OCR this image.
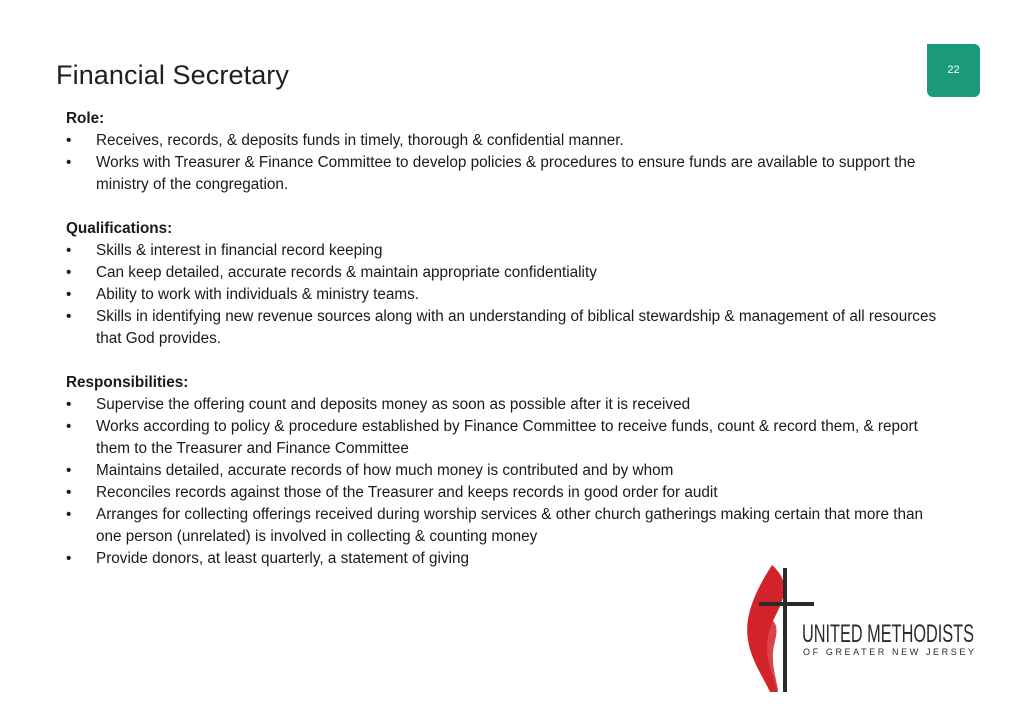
22
Financial Secretary
Role:
• Receives, records, & deposits funds in timely, thorough & confidential manner.
• Works with Treasurer & Finance Committee to develop policies & procedures to ensure funds are available to support the ministry of the congregation.
Qualifications:
• Skills & interest in financial record keeping
• Can keep detailed, accurate records & maintain appropriate confidentiality
• Ability to work with individuals & ministry teams.
• Skills in identifying new revenue sources along with an understanding of biblical stewardship & management of all resources that God provides.
Responsibilities:
• Supervise the offering count and deposits money as soon as possible after it is received
• Works according to policy & procedure established by Finance Committee to receive funds, count & record them, & report them to the Treasurer and Finance Committee
• Maintains detailed, accurate records of how much money is contributed and by whom
• Reconciles records against those of the Treasurer and keeps records in good order for audit
• Arranges for collecting offerings received during worship services & other church gatherings making certain that more than one person (unrelated) is involved in collecting & counting money
• Provide donors, at least quarterly, a statement of giving
UNITED METHODISTS
OF GREATER NEW JERSEY
